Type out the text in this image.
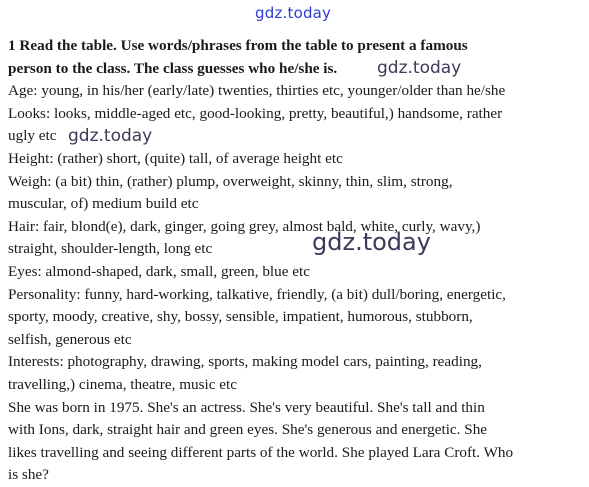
gdz.today
1 Read the table. Use words/phrases from the table to present a famous
person to the class. The class guesses who he/she is.
Age: young, in his/her (early/late) twenties, thirties etc, younger/older than he/she
Looks: looks, middle-aged etc, good-looking, pretty, beautiful,) handsome, rather
ugly etc
Height: (rather) short, (quite) tall, of average height etc
Weigh: (a bit) thin, (rather) plump, overweight, skinny, thin, slim, strong,
muscular, of) medium build etc
Hair: fair, blond(e), dark, ginger, going grey, almost bald, white, curly, wavy,)
straight, shoulder-length, long etc
Eyes: almond-shaped, dark, small, green, blue etc
Personality: funny, hard-working, talkative, friendly, (a bit) dull/boring, energetic,
sporty, moody, creative, shy, bossy, sensible, impatient, humorous, stubborn,
selfish, generous etc
Interests: photography, drawing, sports, making model cars, painting, reading,
travelling,) cinema, theatre, music etc
She was born in 1975. She's an actress. She's very beautiful. She's tall and thin
with Ions, dark, straight hair and green eyes. She's generous and energetic. She
likes travelling and seeing different parts of the world. She played Lara Croft. Who
is she?
gdz.today
gdz.today
gdz.today
